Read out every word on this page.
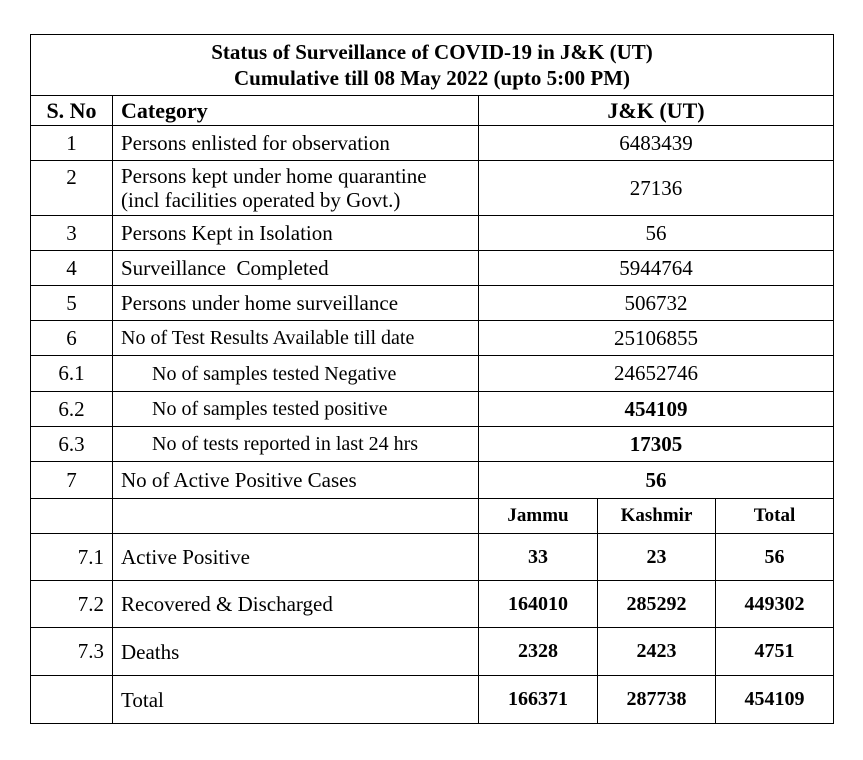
Status of Surveillance of COVID-19 in J&K (UT)
Cumulative till 08 May 2022 (upto 5:00 PM)				

S. No	Category	J&K (UT)		
1	Persons enlisted for observation	6483439		
2	Persons kept under home quarantine
(incl facilities operated by Govt.)	27136		
3	Persons Kept in Isolation	56		
4	Surveillance  Completed	5944764		
5	Persons under home surveillance	506732		
6	No of Test Results Available till date	25106855		
6.1	No of samples tested Negative	24652746		
6.2	No of samples tested positive	454109		
6.3	No of tests reported in last 24 hrs	17305		
7	No of Active Positive Cases	56		
		Jammu	Kashmir	Total
7.1	Active Positive	33	23	56
7.2	Recovered & Discharged	164010	285292	449302
7.3	Deaths	2328	2423	4751
	Total	166371	287738	454109
